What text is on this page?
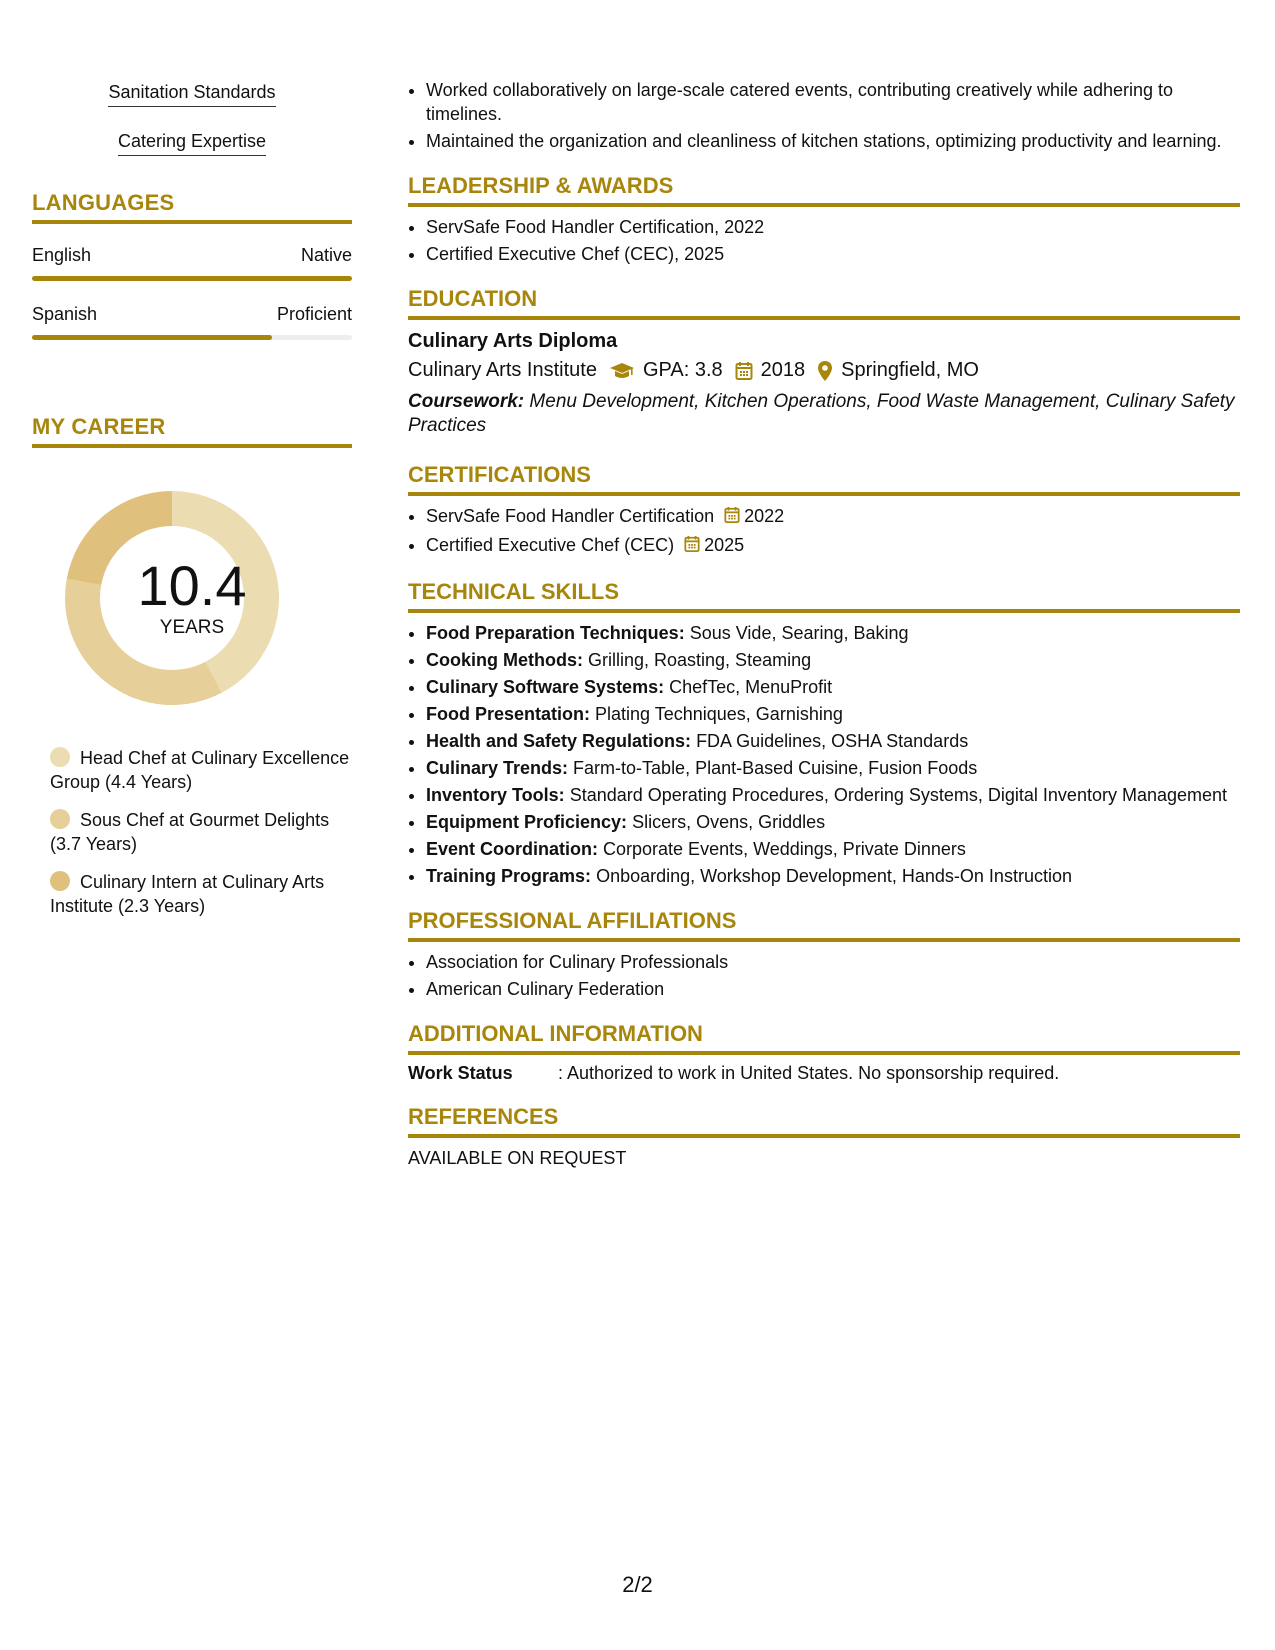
Sanitation Standards
Catering Expertise
LANGUAGES
English	Native
Spanish	Proficient
MY CAREER
10.4
YEARS
Head Chef at Culinary Excellence Group (4.4 Years)
Sous Chef at Gourmet Delights (3.7 Years)
Culinary Intern at Culinary Arts Institute (2.3 Years)
• Worked collaboratively on large-scale catered events, contributing creatively while adhering to timelines.
• Maintained the organization and cleanliness of kitchen stations, optimizing productivity and learning.
LEADERSHIP & AWARDS
• ServSafe Food Handler Certification, 2022
• Certified Executive Chef (CEC), 2025
EDUCATION
Culinary Arts Diploma
Culinary Arts Institute GPA: 3.8 2018 Springfield, MO
Coursework: Menu Development, Kitchen Operations, Food Waste Management, Culinary Safety Practices
CERTIFICATIONS
• ServSafe Food Handler Certification 2022
• Certified Executive Chef (CEC) 2025
TECHNICAL SKILLS
• Food Preparation Techniques: Sous Vide, Searing, Baking
• Cooking Methods: Grilling, Roasting, Steaming
• Culinary Software Systems: ChefTec, MenuProfit
• Food Presentation: Plating Techniques, Garnishing
• Health and Safety Regulations: FDA Guidelines, OSHA Standards
• Culinary Trends: Farm-to-Table, Plant-Based Cuisine, Fusion Foods
• Inventory Tools: Standard Operating Procedures, Ordering Systems, Digital Inventory Management
• Equipment Proficiency: Slicers, Ovens, Griddles
• Event Coordination: Corporate Events, Weddings, Private Dinners
• Training Programs: Onboarding, Workshop Development, Hands-On Instruction
PROFESSIONAL AFFILIATIONS
• Association for Culinary Professionals
• American Culinary Federation
ADDITIONAL INFORMATION
Work Status	: Authorized to work in United States. No sponsorship required.
REFERENCES
AVAILABLE ON REQUEST
2/2
